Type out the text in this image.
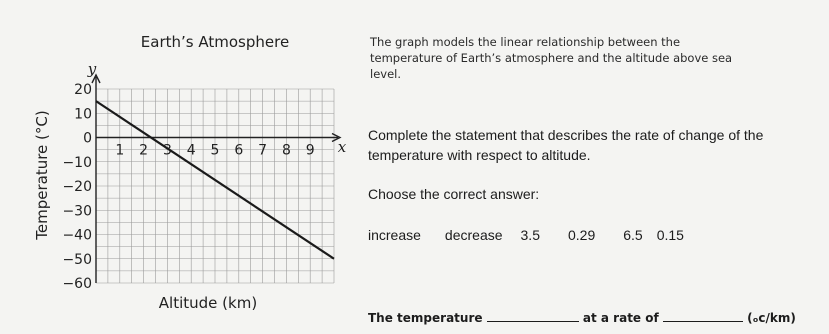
Earth’s Atmosphere
1 2 3 4 5 6 7 8 9
20
10
0
−10
−20
−30
−40
−50
−60
y
x
Temperature (°C)
Altitude (km)
The graph models the linear relationship between the temperature of Earth’s atmosphere and the altitude above sea level.
Complete the statement that describes the rate of change of the temperature with respect to altitude.
Choose the correct answer:
increase decrease 3.5 0.29 6.5 0.15
The temperature	at a rate of	(ₒc/km)
